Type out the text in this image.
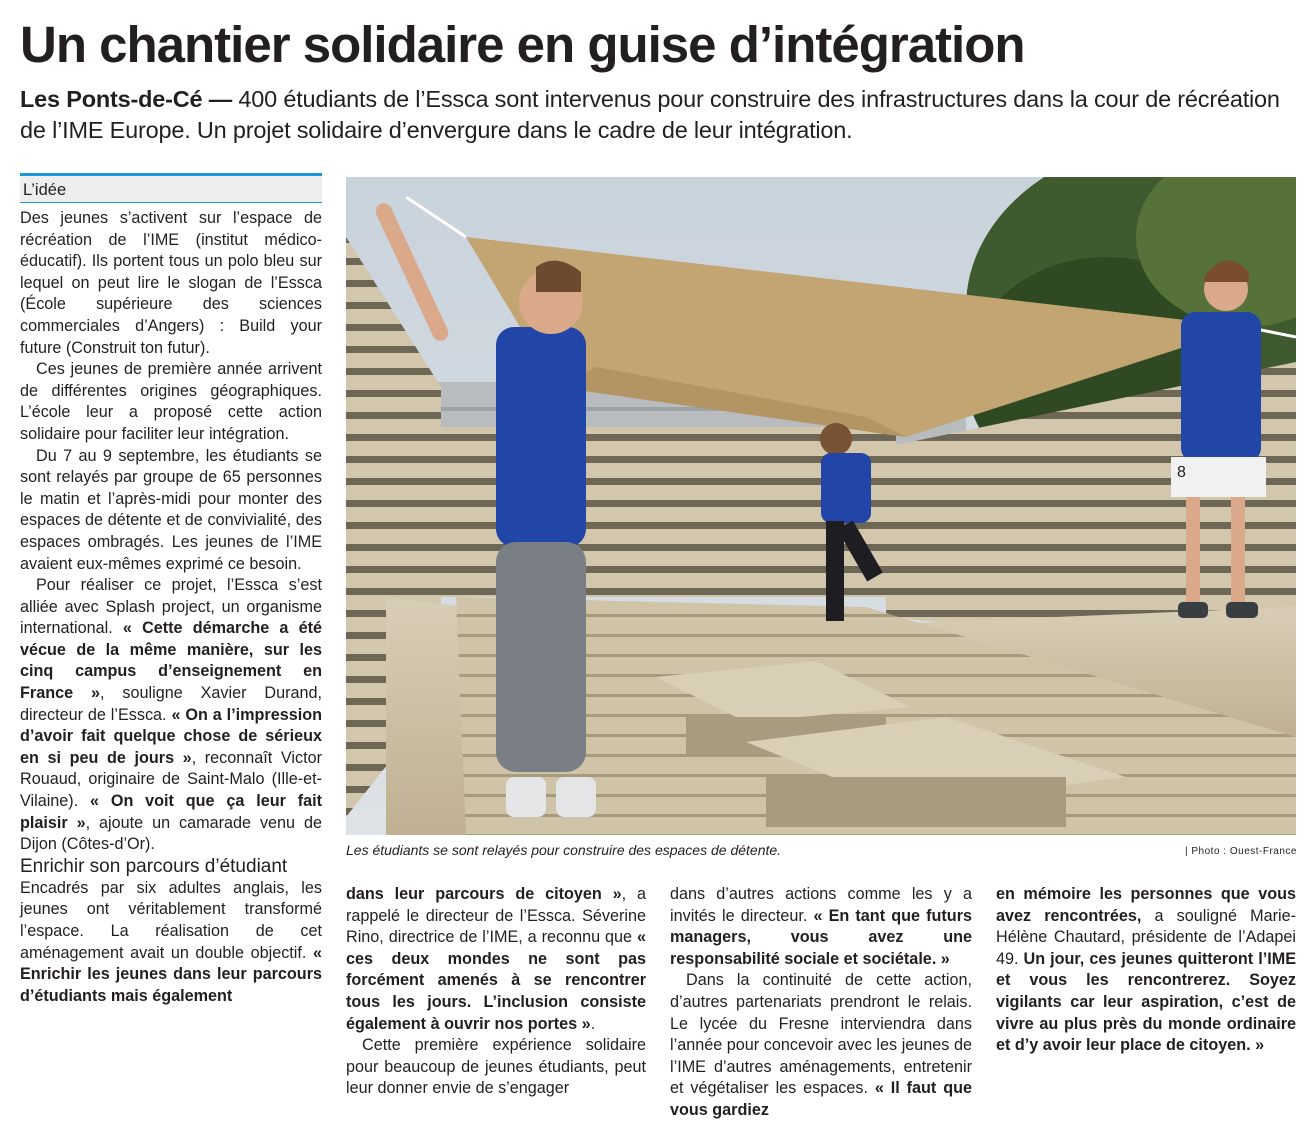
Un chantier solidaire en guise d’intégration
Les Ponts-de-Cé — 400 étudiants de l’Essca sont intervenus pour construire des infrastructures dans la cour de récréation de l’IME Europe. Un projet solidaire d’envergure dans le cadre de leur intégration.
L’idée

Des jeunes s’activent sur l’espace de récréation de l’IME (institut médico-éducatif). Ils portent tous un polo bleu sur lequel on peut lire le slogan de l’Essca (École supérieure des sciences commerciales d’Angers) : Build your future (Construit ton futur).

Ces jeunes de première année arrivent de différentes origines géographiques. L’école leur a proposé cette action solidaire pour faciliter leur intégration.

Du 7 au 9 septembre, les étudiants se sont relayés par groupe de 65 personnes le matin et l’après-midi pour monter des espaces de détente et de convivialité, des espaces ombragés. Les jeunes de l’IME avaient eux-mêmes exprimé ce besoin.

Pour réaliser ce projet, l’Essca s’est alliée avec Splash project, un organisme international. « Cette démarche a été vécue de la même manière, sur les cinq campus d’enseignement en France », souligne Xavier Durand, directeur de l’Essca. « On a l’impression d’avoir fait quelque chose de sérieux en si peu de jours », reconnaît Victor Rouaud, originaire de Saint-Malo (Ille-et-Vilaine). « On voit que ça leur fait plaisir », ajoute un camarade venu de Dijon (Côtes-d’Or).

Enrichir son parcours d’étudiant

Encadrés par six adultes anglais, les jeunes ont véritablement transformé l’espace. La réalisation de cet aménagement avait un double objectif. « Enrichir les jeunes dans leur parcours d’étudiants mais également

dans leur parcours de citoyen », a rappelé le directeur de l’Essca. Séverine Rino, directrice de l’IME, a reconnu que « ces deux mondes ne sont pas forcément amenés à se rencontrer tous les jours. L’inclusion consiste également à ouvrir nos portes ».

Cette première expérience solidaire pour beaucoup de jeunes étudiants, peut leur donner envie de s’engager

dans d’autres actions comme les y a invités le directeur. « En tant que futurs managers, vous avez une responsabilité sociale et sociétale. »

Dans la continuité de cette action, d’autres partenariats prendront le relais. Le lycée du Fresne interviendra dans l’année pour concevoir avec les jeunes de l’IME d’autres aménagements, entretenir et végétaliser les espaces. « Il faut que vous gardiez

en mémoire les personnes que vous avez rencontrées, a souligné Marie-Hélène Chautard, présidente de l’Adapei 49. Un jour, ces jeunes quitteront l’IME et vous les rencontrerez. Soyez vigilants car leur aspiration, c’est de vivre au plus près du monde ordinaire et d’y avoir leur place de citoyen. »

8
Les étudiants se sont relayés pour construire des espaces de détente.	| Photo : Ouest-France
